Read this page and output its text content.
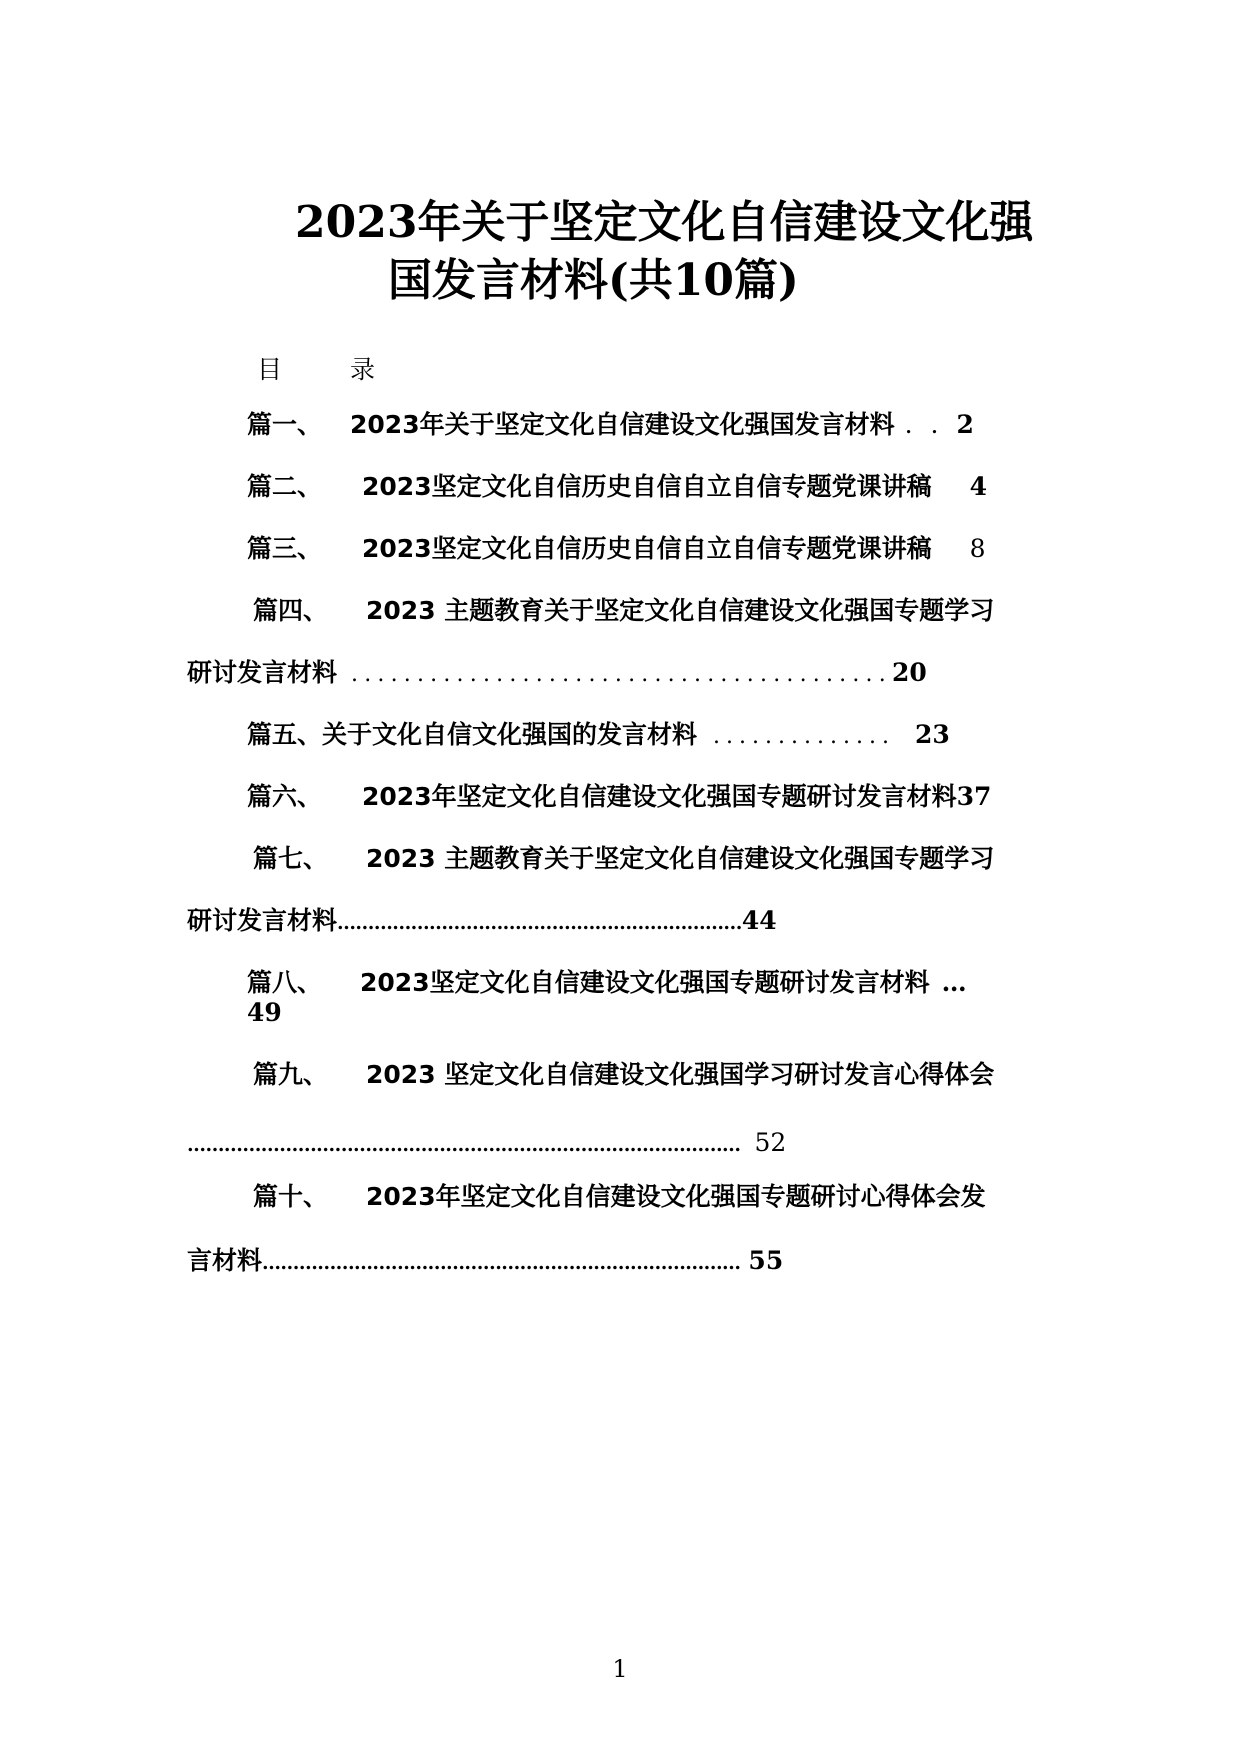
2023年关于坚定文化自信建设文化强
国发言材料(共10篇)
目 录
篇一、 2023年关于坚定文化自信建设文化强国发言材料 ..2
篇二、 2023坚定文化自信历史自信自立自信专题党课讲稿 4
篇三、 2023坚定文化自信历史自信自立自信专题党课讲稿 8
篇四、 2023 主题教育关于坚定文化自信建设文化强国专题学习
研讨发言材料 .........................................20
篇五、关于文化自信文化强国的发言材料 .............. 23
篇六、 2023年坚定文化自信建设文化强国专题研讨发言材料37
篇七、 2023 主题教育关于坚定文化自信建设文化强国专题学习
研讨发言材料…………………………………………………………44
篇八、 2023坚定文化自信建设文化强国专题研讨发言材料 …
49
篇九、 2023 坚定文化自信建设文化强国学习研讨发言心得体会
……………………………………………………………………………… 52
篇十、 2023年坚定文化自信建设文化强国专题研讨心得体会发
言材料…………………………………………………………………… 55
1
